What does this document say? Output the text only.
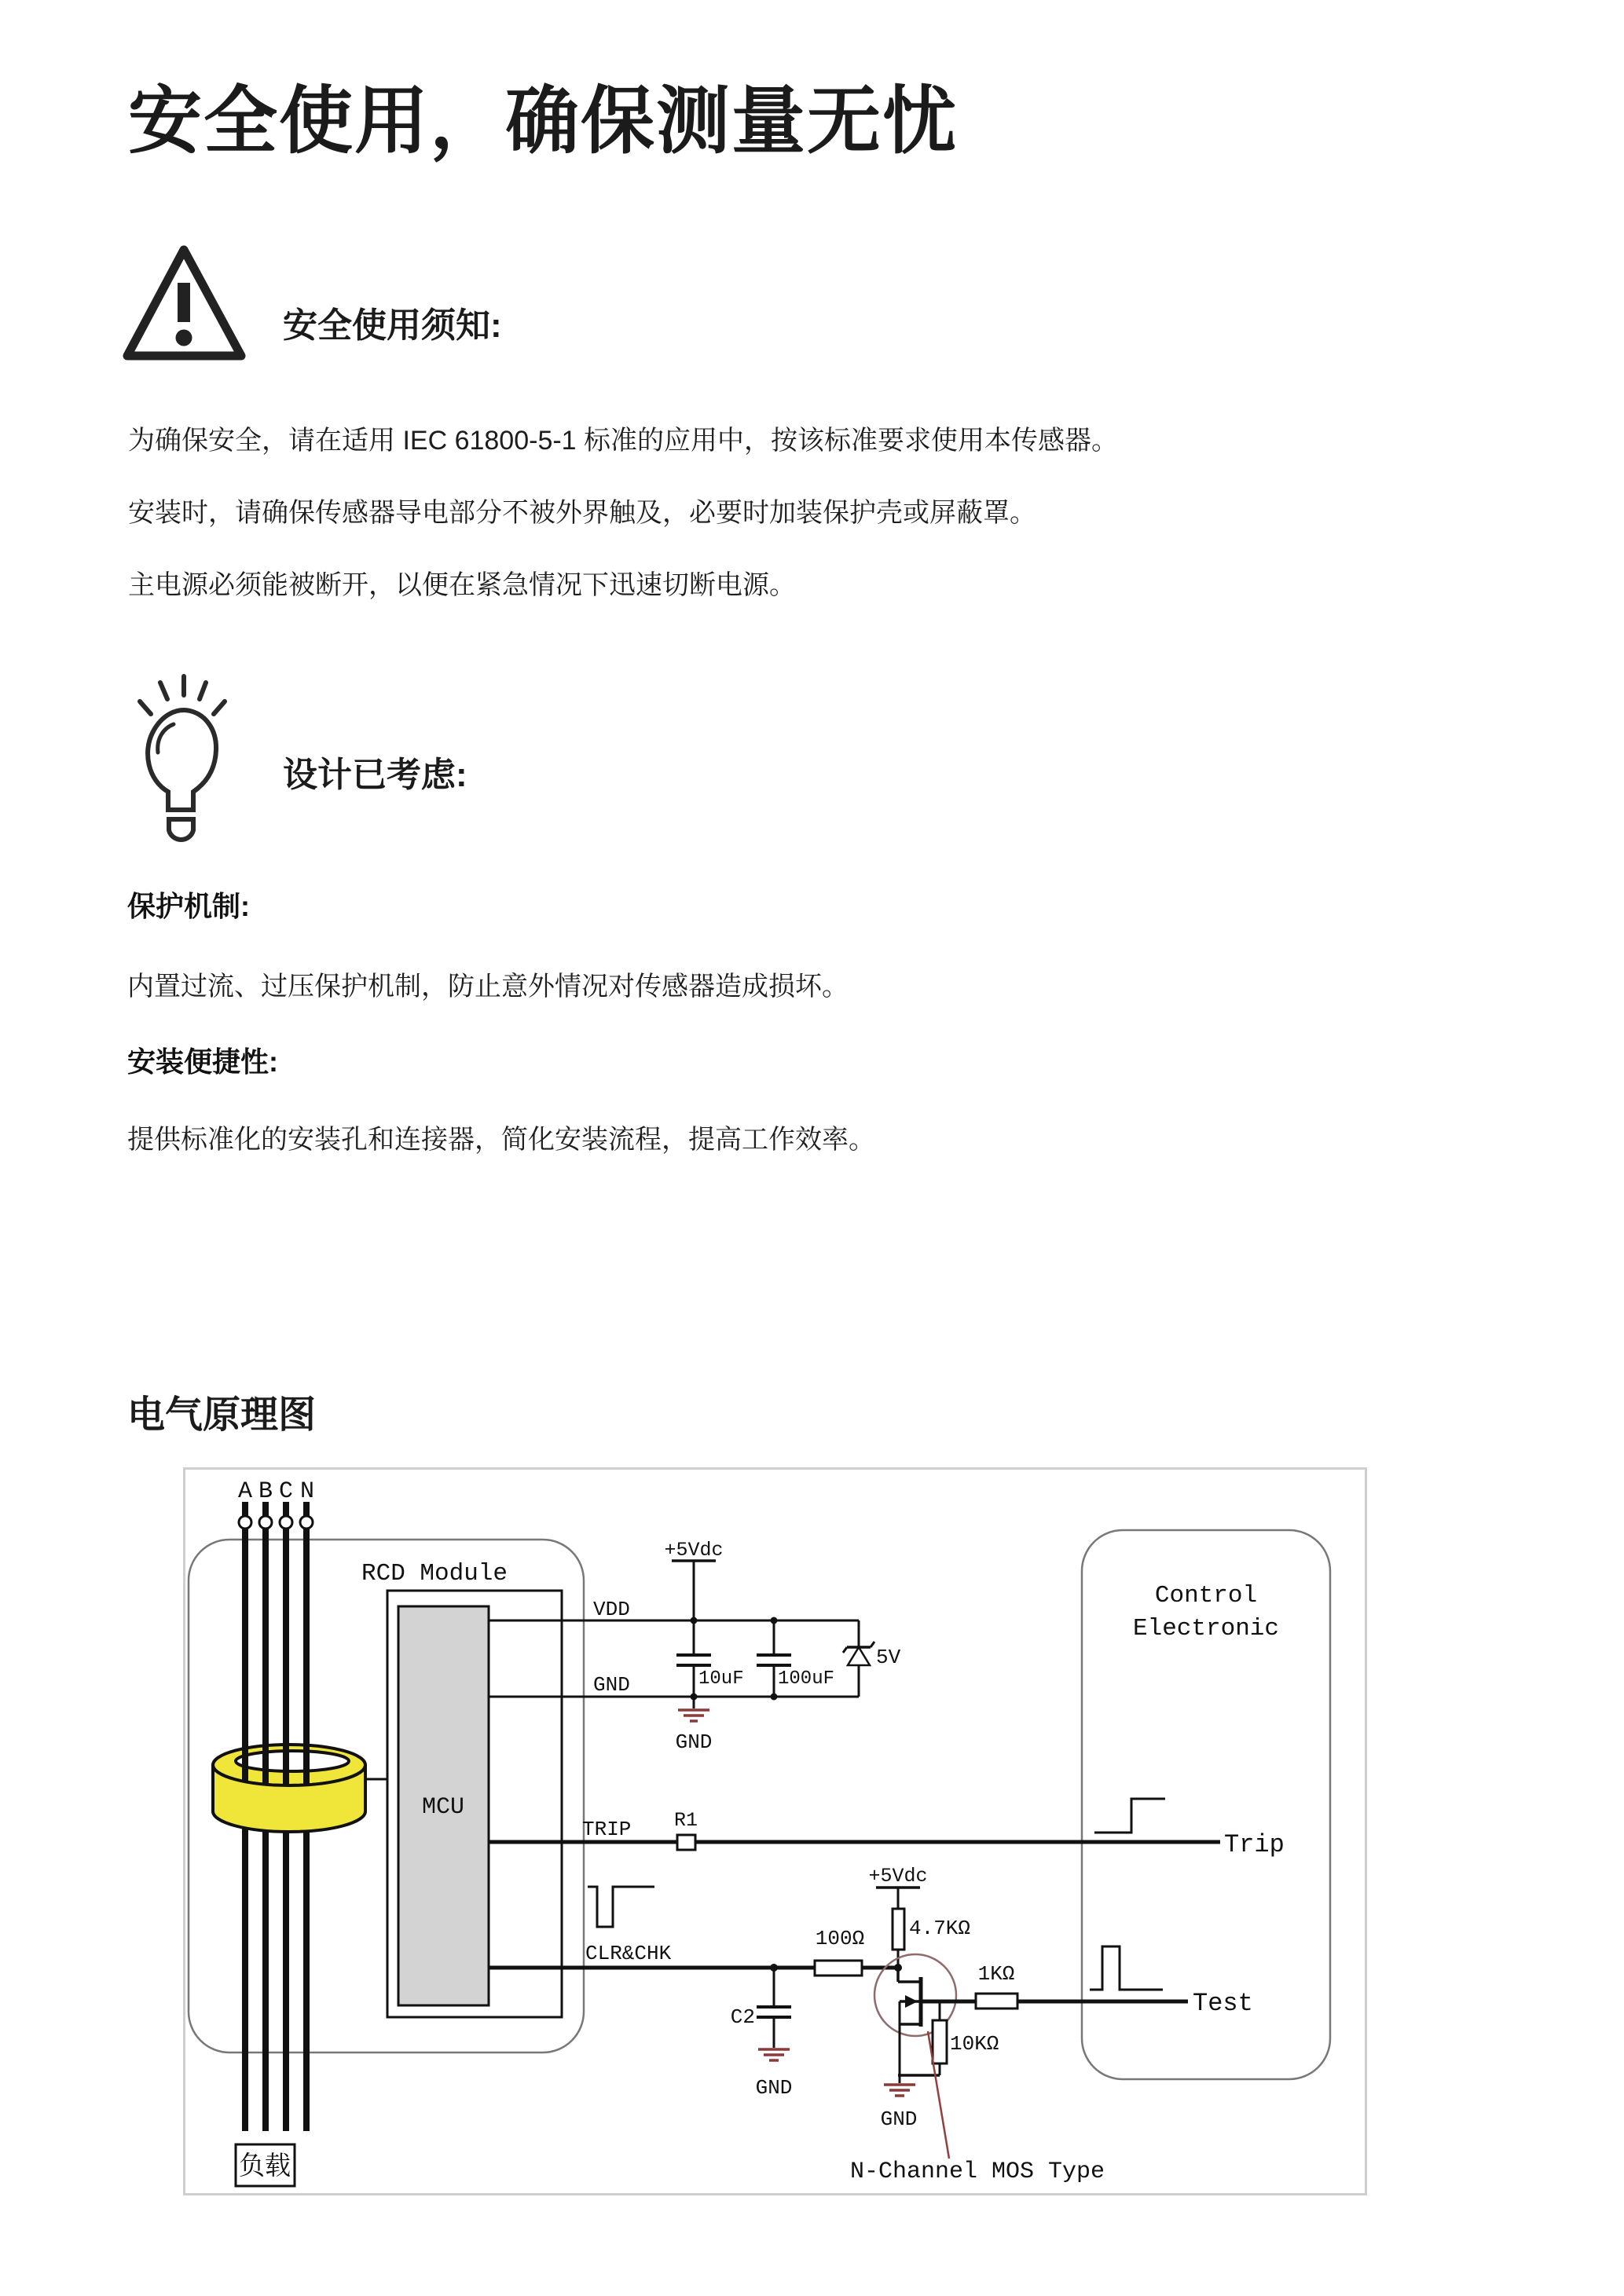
安全使用，确保测量无忧
安全使用须知:
为确保安全，请在适用 IEC 61800-5-1 标准的应用中，按该标准要求使用本传感器。
安装时，请确保传感器导电部分不被外界触及，必要时加装保护壳或屏蔽罩。
主电源必须能被断开，以便在紧急情况下迅速切断电源。
设计已考虑:
保护机制:
内置过流、过压保护机制，防止意外情况对传感器造成损坏。
安装便捷性:
提供标准化的安装孔和连接器，简化安装流程，提高工作效率。
电气原理图
RCD Module
Control
Electronic
A B C N
MCU
+5Vdc
10uF 100uF
5V
GND
VDD
GND
TRIP
CLR&CHK
R1
Trip
100Ω
C2
GND
+5Vdc
4.7KΩ
1KΩ
Test
10KΩ
GND
N-Channel MOS Type
负载
